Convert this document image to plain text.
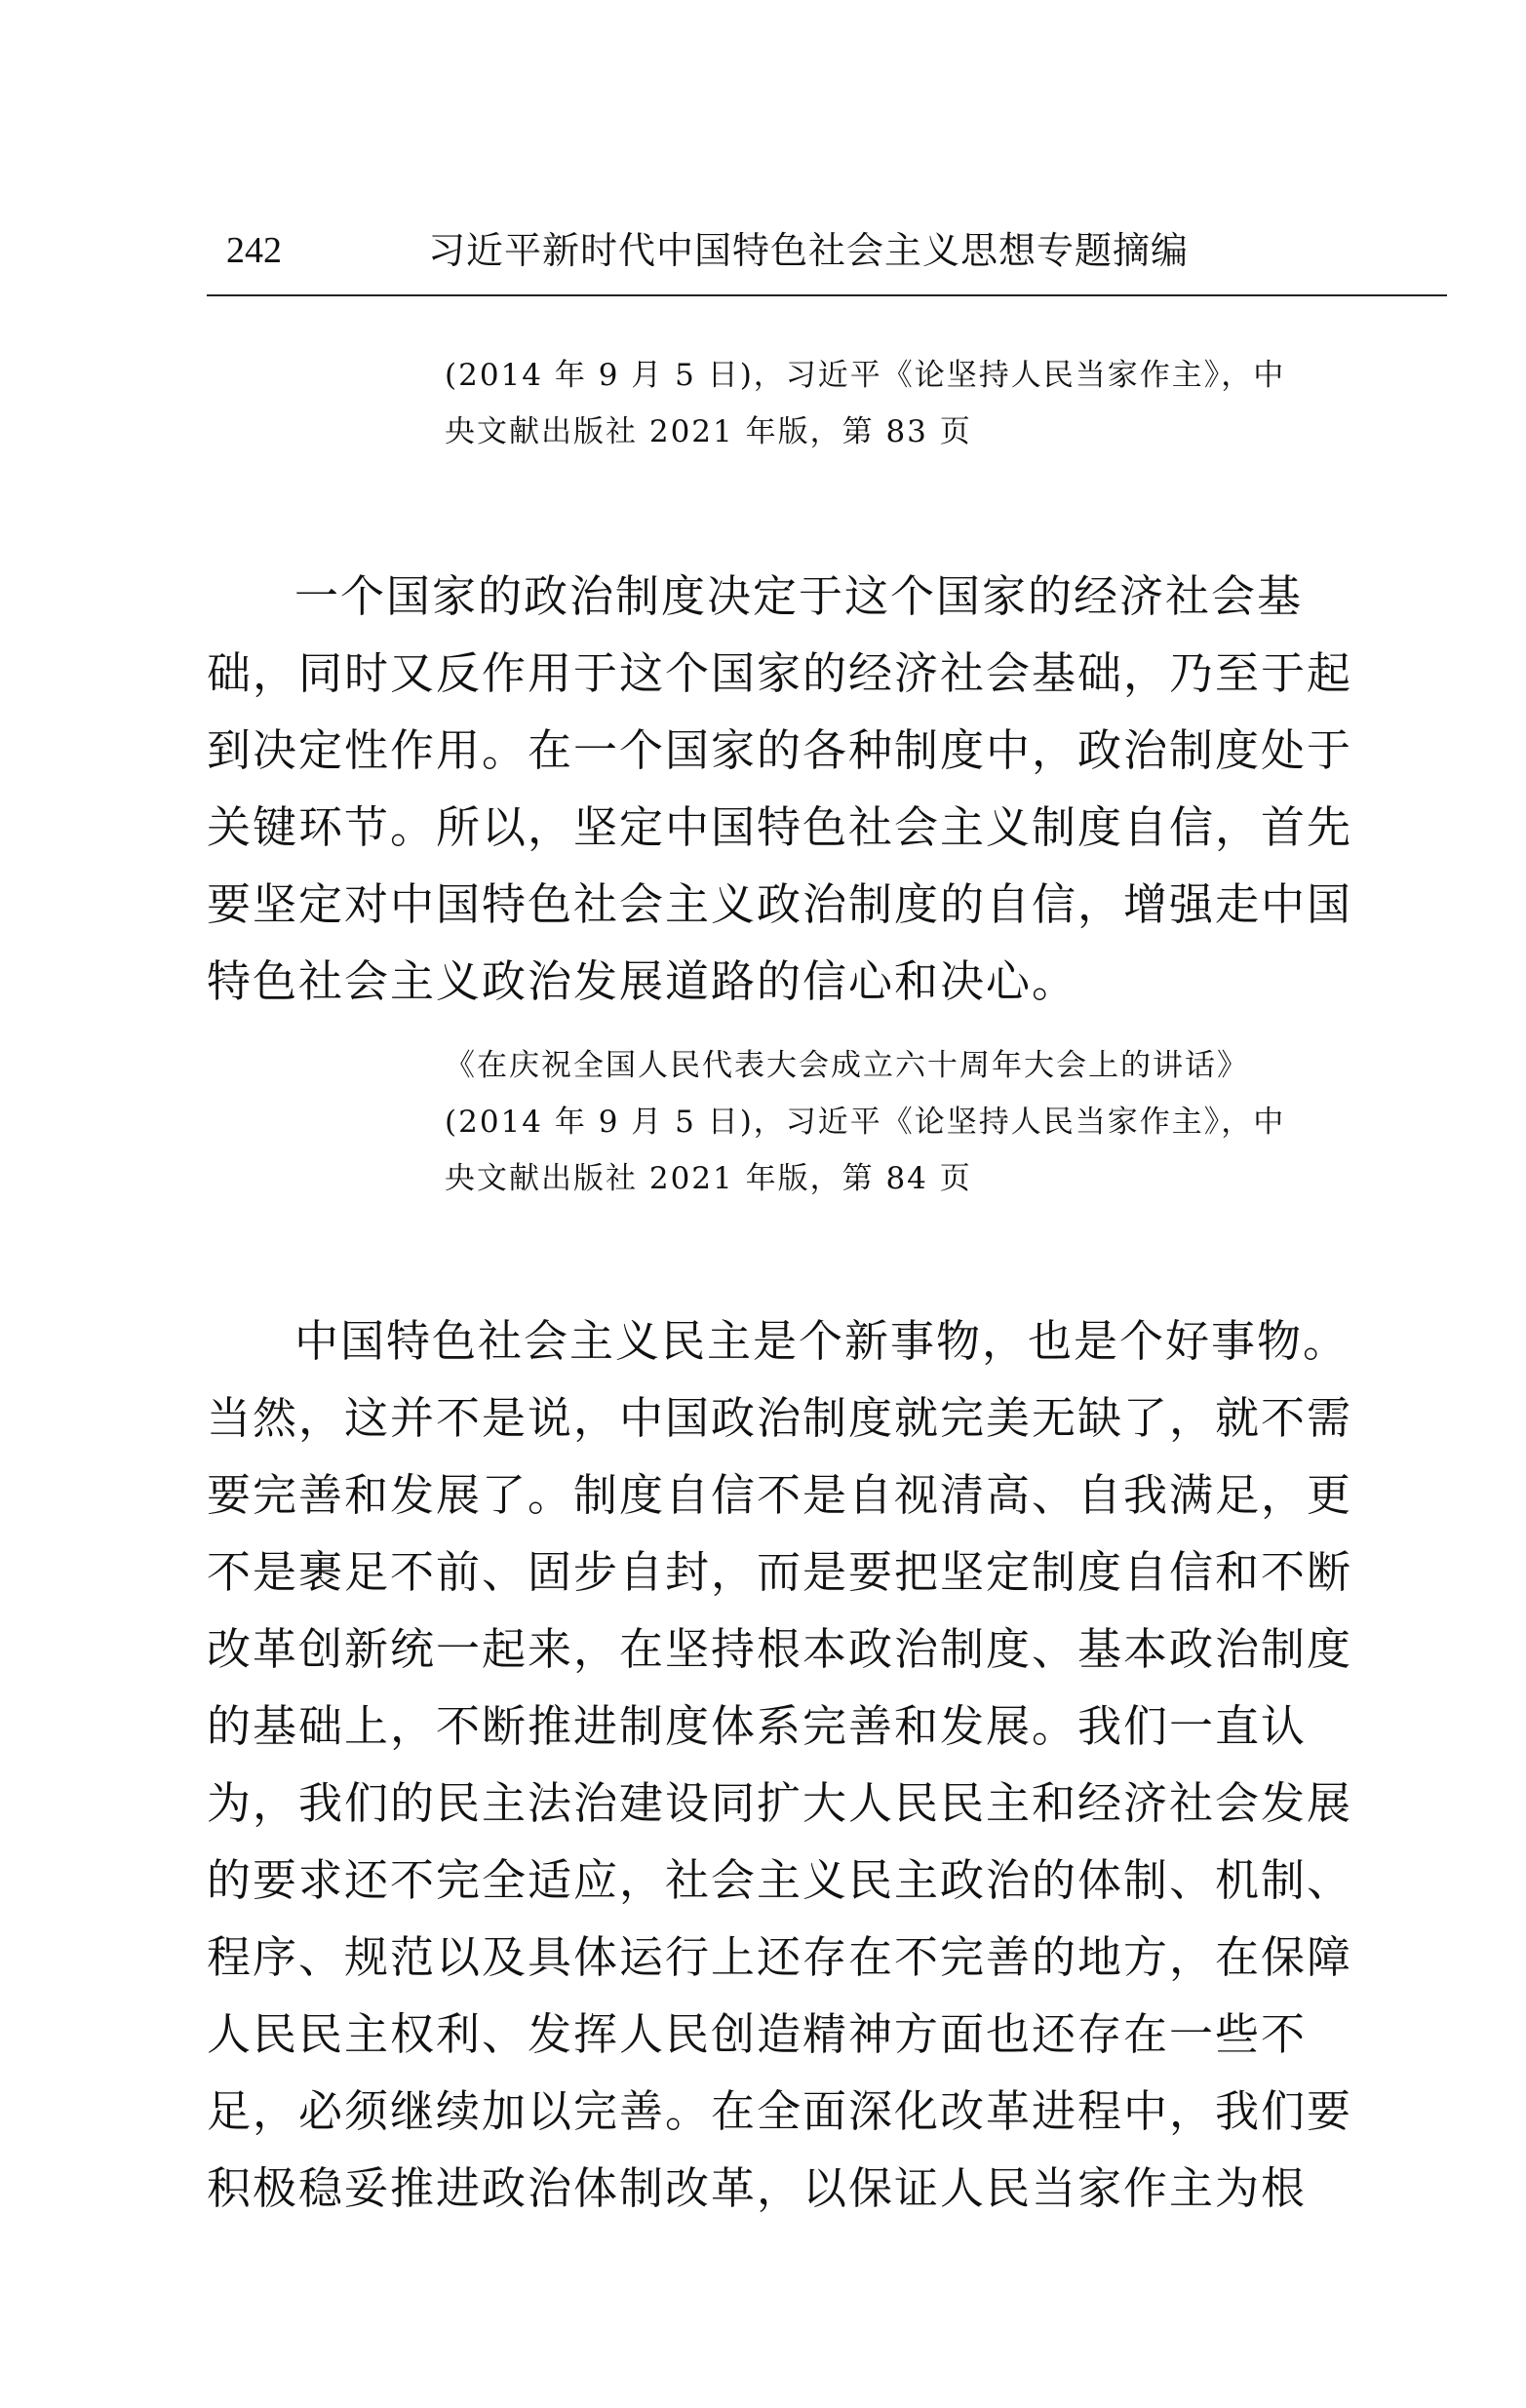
242	习近平新时代中国特色社会主义思想专题摘编
(2014 年 9 月 5 日)，习近平《论坚持人民当家作主》，中
央文献出版社 2021 年版，第 83 页
一个国家的政治制度决定于这个国家的经济社会基
础，同时又反作用于这个国家的经济社会基础，乃至于起
到决定性作用。在一个国家的各种制度中，政治制度处于
关键环节。所以，坚定中国特色社会主义制度自信，首先
要坚定对中国特色社会主义政治制度的自信，增强走中国
特色社会主义政治发展道路的信心和决心。
《在庆祝全国人民代表大会成立六十周年大会上的讲话》
(2014 年 9 月 5 日)，习近平《论坚持人民当家作主》，中
央文献出版社 2021 年版，第 84 页
中国特色社会主义民主是个新事物，也是个好事物。
当然，这并不是说，中国政治制度就完美无缺了，就不需
要完善和发展了。制度自信不是自视清高、自我满足，更
不是裹足不前、固步自封，而是要把坚定制度自信和不断
改革创新统一起来，在坚持根本政治制度、基本政治制度
的基础上，不断推进制度体系完善和发展。我们一直认
为，我们的民主法治建设同扩大人民民主和经济社会发展
的要求还不完全适应，社会主义民主政治的体制、机制、
程序、规范以及具体运行上还存在不完善的地方，在保障
人民民主权利、发挥人民创造精神方面也还存在一些不
足，必须继续加以完善。在全面深化改革进程中，我们要
积极稳妥推进政治体制改革，以保证人民当家作主为根
